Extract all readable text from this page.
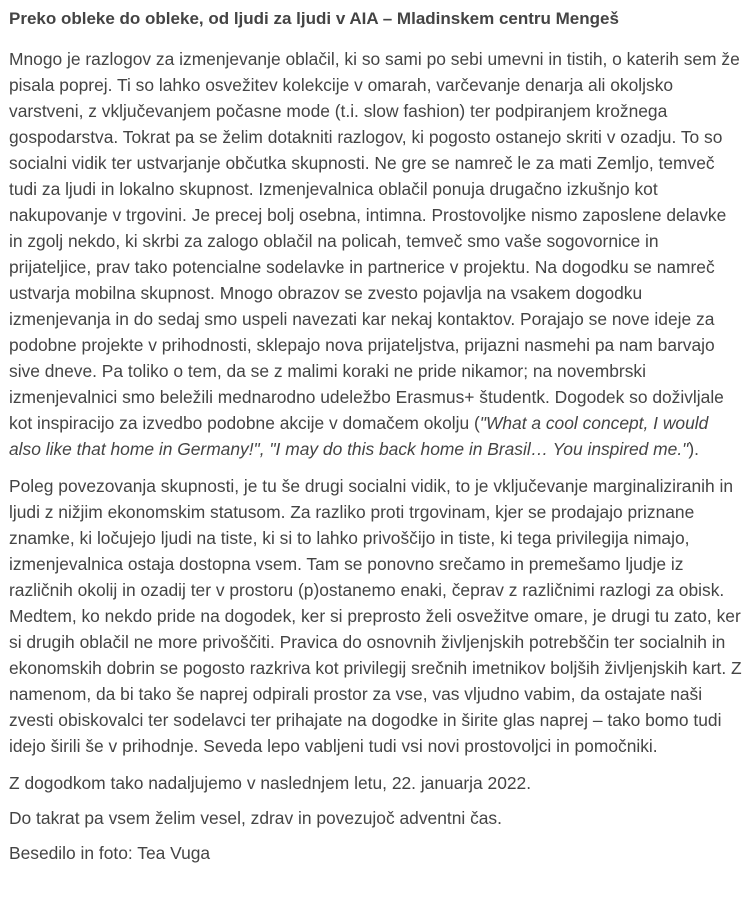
Preko obleke do obleke, od ljudi za ljudi v AIA – Mladinskem centru Mengeš

Mnogo je razlogov za izmenjevanje oblačil, ki so sami po sebi umevni in tistih, o katerih sem že pisala poprej. Ti so lahko osvežitev kolekcije v omarah, varčevanje denarja ali okoljsko varstveni, z vključevanjem počasne mode (t.i. slow fashion) ter podpiranjem krožnega gospodarstva. Tokrat pa se želim dotakniti razlogov, ki pogosto ostanejo skriti v ozadju. To so socialni vidik ter ustvarjanje občutka skupnosti. Ne gre se namreč le za mati Zemljo, temveč tudi za ljudi in lokalno skupnost. Izmenjevalnica oblačil ponuja drugačno izkušnjo kot nakupovanje v trgovini. Je precej bolj osebna, intimna. Prostovoljke nismo zaposlene delavke in zgolj nekdo, ki skrbi za zalogo oblačil na policah, temveč smo vaše sogovornice in prijateljice, prav tako potencialne sodelavke in partnerice v projektu. Na dogodku se namreč ustvarja mobilna skupnost. Mnogo obrazov se zvesto pojavlja na vsakem dogodku izmenjevanja in do sedaj smo uspeli navezati kar nekaj kontaktov. Porajajo se nove ideje za podobne projekte v prihodnosti, sklepajo nova prijateljstva, prijazni nasmehi pa nam barvajo sive dneve. Pa toliko o tem, da se z malimi koraki ne pride nikamor; na novembrski izmenjevalnici smo beležili mednarodno udeležbo Erasmus+ študentk. Dogodek so doživljale kot inspiracijo za izvedbo podobne akcije v domačem okolju ("What a cool concept, I would also like that home in Germany!", "I may do this back home in Brasil… You inspired me.").

Poleg povezovanja skupnosti, je tu še drugi socialni vidik, to je vključevanje marginaliziranih in ljudi z nižjim ekonomskim statusom. Za razliko proti trgovinam, kjer se prodajajo priznane znamke, ki ločujejo ljudi na tiste, ki si to lahko privoščijo in tiste, ki tega privilegija nimajo, izmenjevalnica ostaja dostopna vsem. Tam se ponovno srečamo in premešamo ljudje iz različnih okolij in ozadij ter v prostoru (p)ostanemo enaki, čeprav z različnimi razlogi za obisk. Medtem, ko nekdo pride na dogodek, ker si preprosto želi osvežitve omare, je drugi tu zato, ker si drugih oblačil ne more privoščiti. Pravica do osnovnih življenjskih potrebščin ter socialnih in ekonomskih dobrin se pogosto razkriva kot privilegij srečnih imetnikov boljših življenjskih kart. Z namenom, da bi tako še naprej odpirali prostor za vse, vas vljudno vabim, da ostajate naši zvesti obiskovalci ter sodelavci ter prihajate na dogodke in širite glas naprej – tako bomo tudi idejo širili še v prihodnje. Seveda lepo vabljeni tudi vsi novi prostovoljci in pomočniki.

Z dogodkom tako nadaljujemo v naslednjem letu, 22. januarja 2022.

Do takrat pa vsem želim vesel, zdrav in povezujoč adventni čas.

Besedilo in foto: Tea Vuga
